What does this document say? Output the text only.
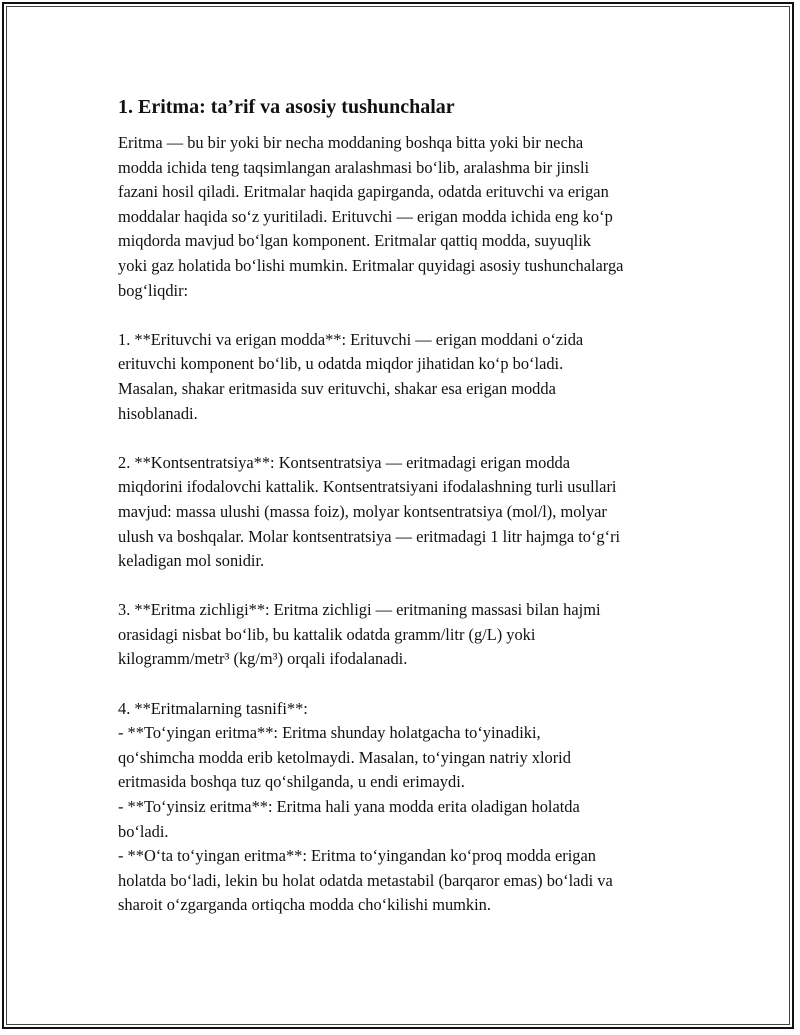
1. Eritma: ta’rif va asosiy tushunchalar

Eritma — bu bir yoki bir necha moddaning boshqa bitta yoki bir necha
modda ichida teng taqsimlangan aralashmasi bo‘lib, aralashma bir jinsli
fazani hosil qiladi. Eritmalar haqida gapirganda, odatda erituvchi va erigan
moddalar haqida so‘z yuritiladi. Erituvchi — erigan modda ichida eng ko‘p
miqdorda mavjud bo‘lgan komponent. Eritmalar qattiq modda, suyuqlik
yoki gaz holatida bo‘lishi mumkin. Eritmalar quyidagi asosiy tushunchalarga
bog‘liqdir:

1. **Erituvchi va erigan modda**: Erituvchi — erigan moddani o‘zida
erituvchi komponent bo‘lib, u odatda miqdor jihatidan ko‘p bo‘ladi.
Masalan, shakar eritmasida suv erituvchi, shakar esa erigan modda
hisoblanadi.

2. **Kontsentratsiya**: Kontsentratsiya — eritmadagi erigan modda
miqdorini ifodalovchi kattalik. Kontsentratsiyani ifodalashning turli usullari
mavjud: massa ulushi (massa foiz), molyar kontsentratsiya (mol/l), molyar
ulush va boshqalar. Molar kontsentratsiya — eritmadagi 1 litr hajmga to‘g‘ri
keladigan mol sonidir.

3. **Eritma zichligi**: Eritma zichligi — eritmaning massasi bilan hajmi
orasidagi nisbat bo‘lib, bu kattalik odatda gramm/litr (g/L) yoki
kilogramm/metr³ (kg/m³) orqali ifodalanadi.

4. **Eritmalarning tasnifi**:

- **To‘yingan eritma**: Eritma shunday holatgacha to‘yinadiki,
qo‘shimcha modda erib ketolmaydi. Masalan, to‘yingan natriy xlorid
eritmasida boshqa tuz qo‘shilganda, u endi erimaydi.

- **To‘yinsiz eritma**: Eritma hali yana modda erita oladigan holatda
bo‘ladi.

- **O‘ta to‘yingan eritma**: Eritma to‘yingandan ko‘proq modda erigan
holatda bo‘ladi, lekin bu holat odatda metastabil (barqaror emas) bo‘ladi va
sharoit o‘zgarganda ortiqcha modda cho‘kilishi mumkin.
